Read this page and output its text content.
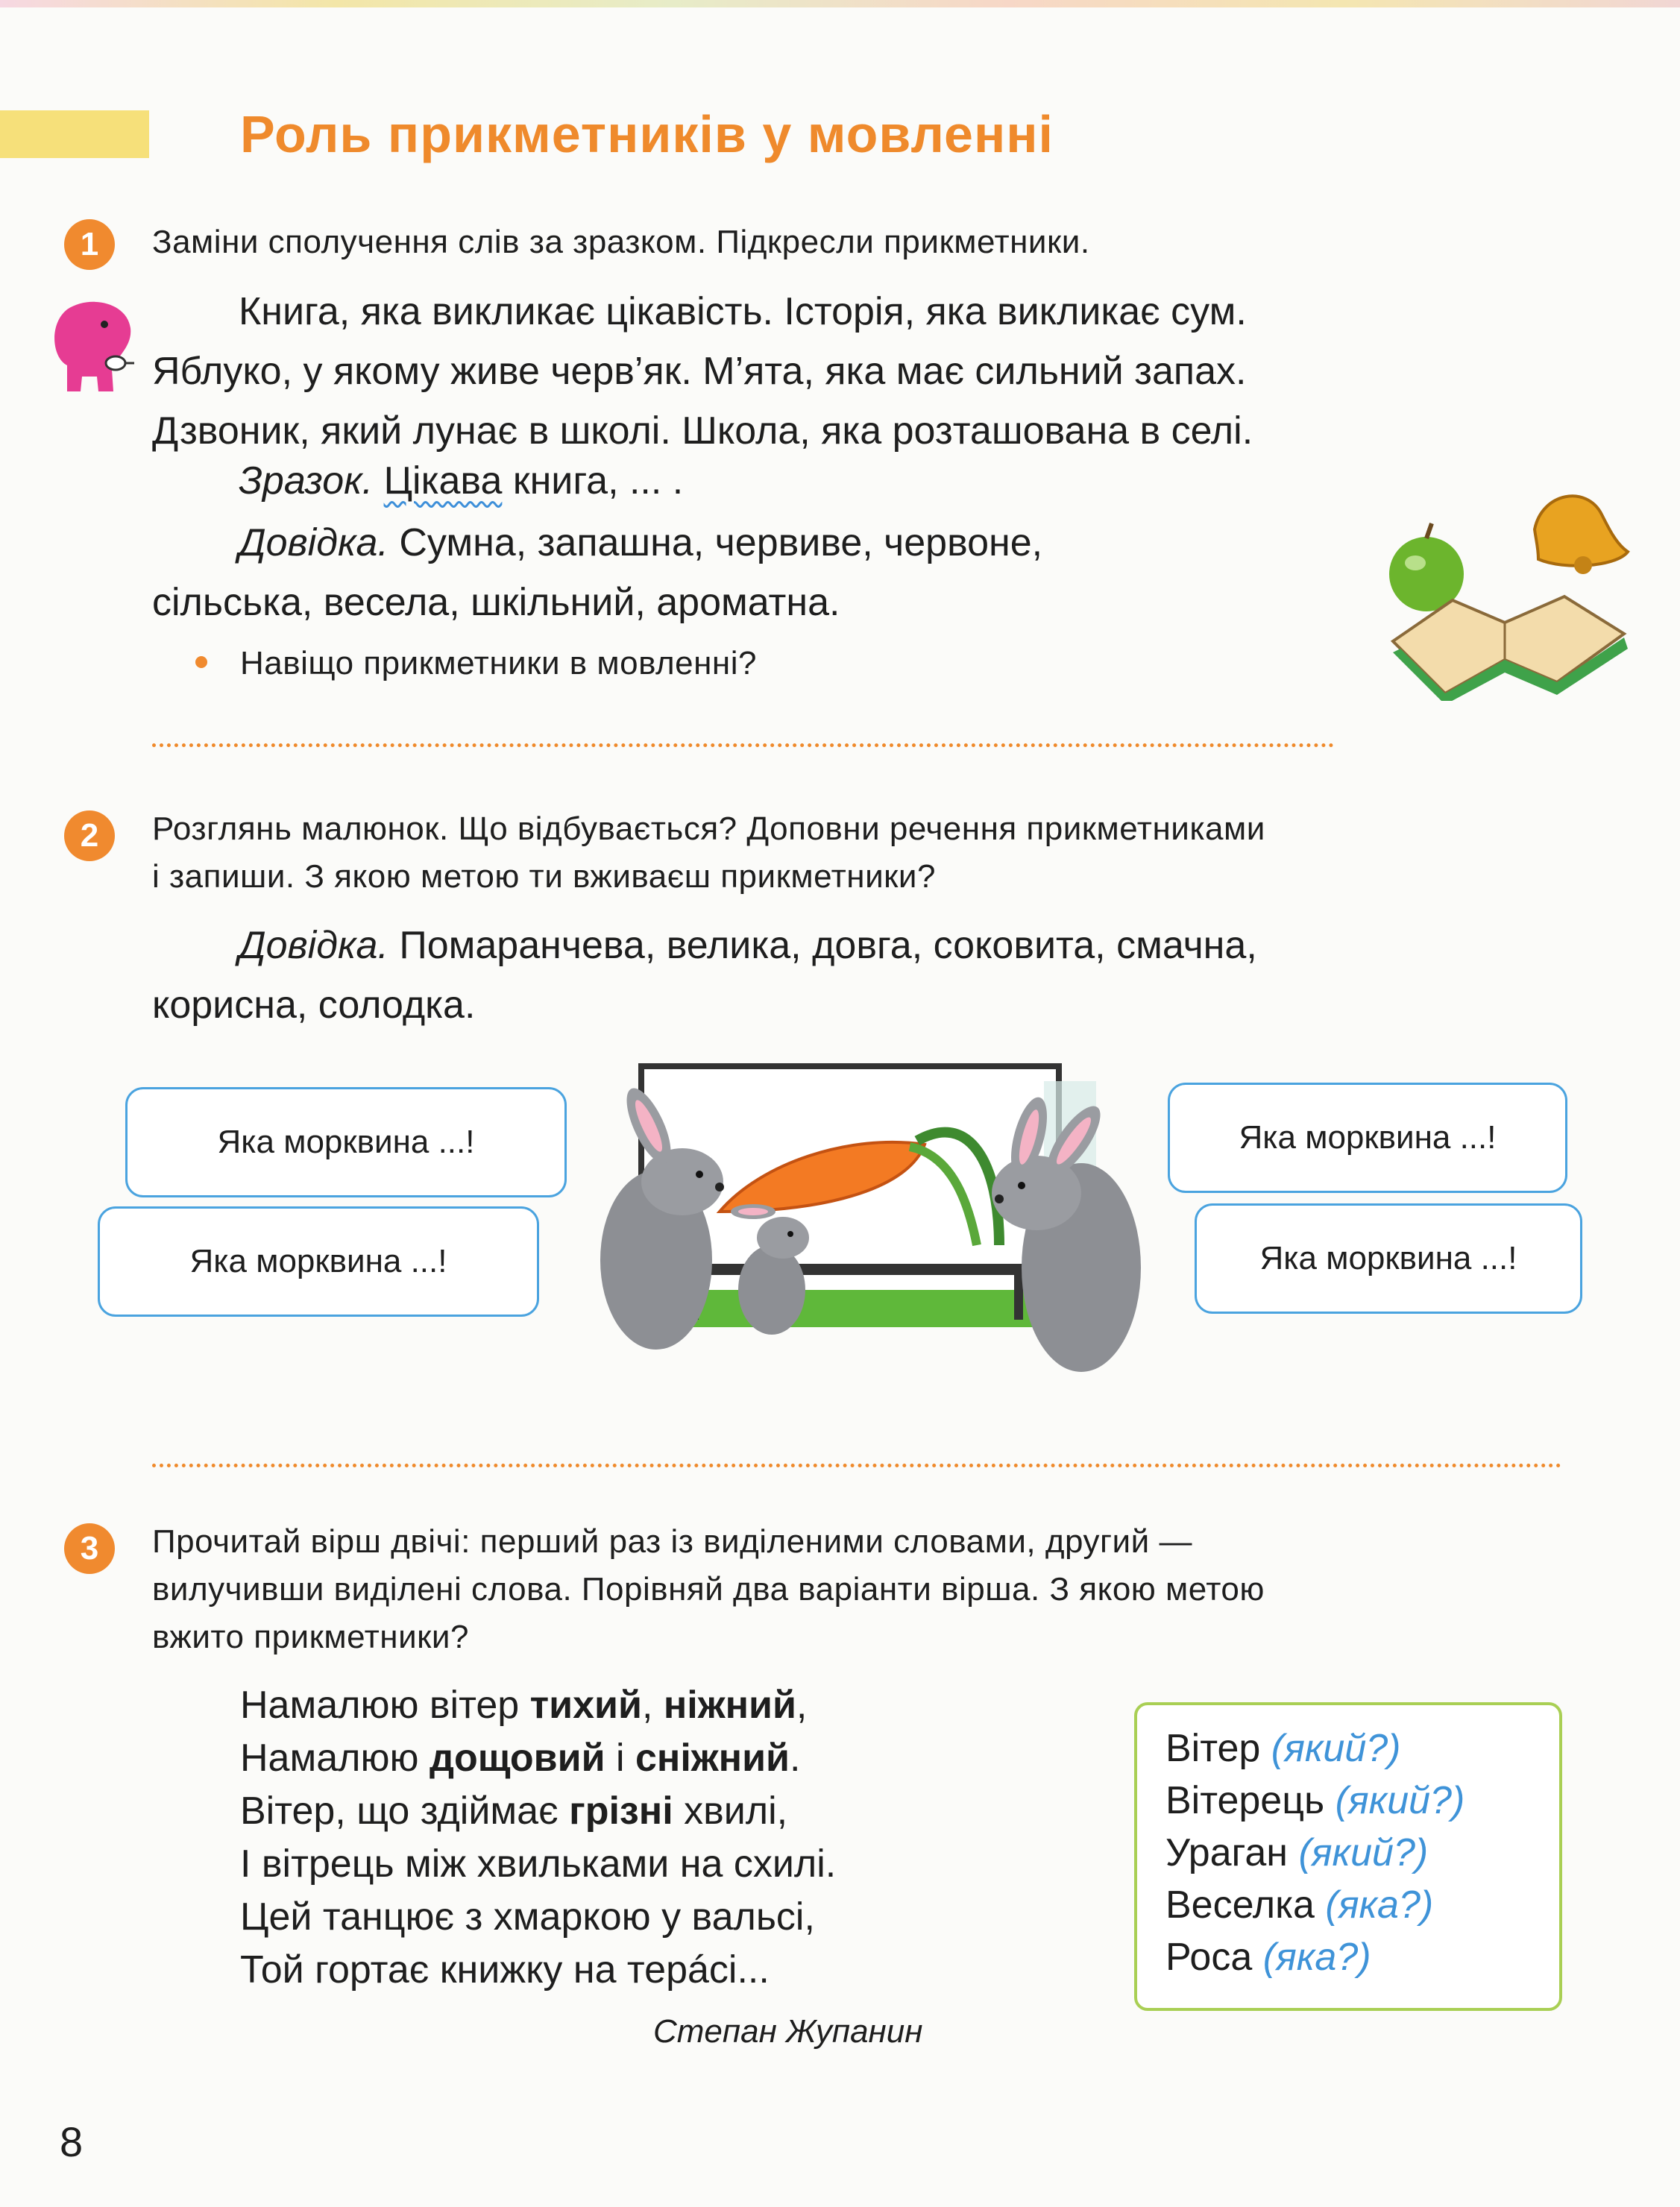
Роль прикметників у мовленні
1	Заміни сполучення слів за зразком. Підкресли прикметники.
Книга, яка викликає цікавість. Історія, яка викликає сум.
Яблуко, у якому живе черв’як. М’ята, яка має сильний запах.
Дзвоник, який лунає в школі. Школа, яка розташована в селі.
Зразок. Цікава книга, ... .
Довідка. Сумна, запашна, червиве, червоне,
сільська, весела, шкільний, ароматна.
Навіщо прикметники в мовленні?
2	Розглянь малюнок. Що відбувається? Доповни речення прикметниками
і запиши. З якою метою ти вживаєш прикметники?
Довідка. Помаранчева, велика, довга, соковита, смачна,
корисна, солодка.
Яка морквина ...!
Яка морквина ...!
Яка морквина ...!
Яка морквина ...!
3	Прочитай вірш двічі: перший раз із виділеними словами, другий —
вилучивши виділені слова. Порівняй два варіанти вірша. З якою метою
вжито прикметники?
Намалюю вітер тихий, ніжний,
Намалюю дощовий і сніжний.
Вітер, що здіймає грізні хвилі,
І вітрець між хвильками на схилі.
Цей танцює з хмаркою у вальсі,
Той гортає книжку на терáсі...
Степан Жупанин
Вітер (який?)
Вітерець (який?)
Ураган (який?)
Веселка (яка?)
Роса (яка?)
8
